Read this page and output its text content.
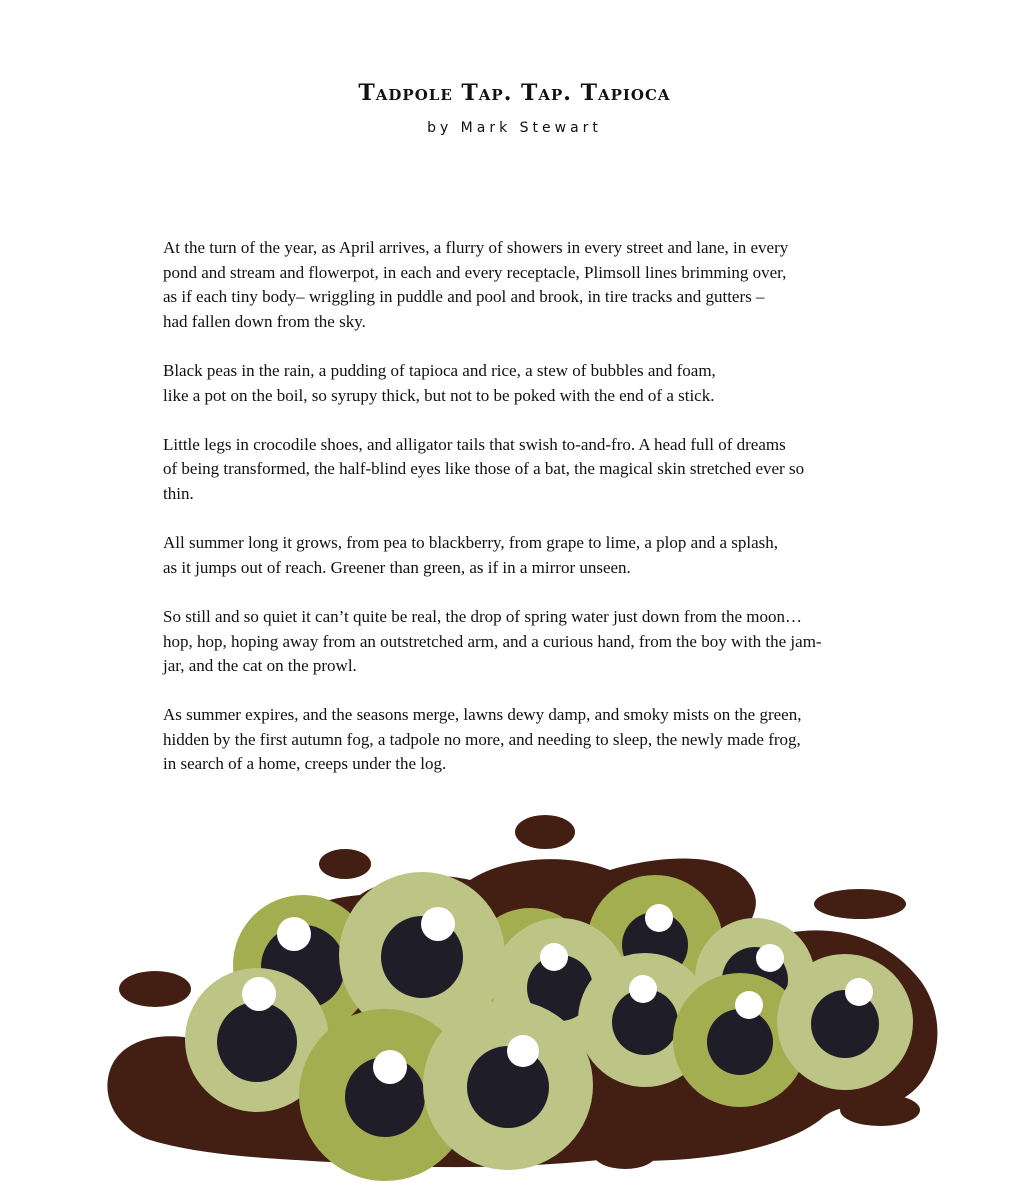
Tadpole Tap. Tap. Tapioca
by Mark Stewart

At the turn of the year, as April arrives, a flurry of showers in every street and lane, in every
pond and stream and flowerpot, in each and every receptacle, Plimsoll lines brimming over,
as if each tiny body– wriggling in puddle and pool and brook, in tire tracks and gutters –
had fallen down from the sky.

Black peas in the rain, a pudding of tapioca and rice, a stew of bubbles and foam,
like a pot on the boil, so syrupy thick, but not to be poked with the end of a stick.

Little legs in crocodile shoes, and alligator tails that swish to-and-fro. A head full of dreams
of being transformed, the half-blind eyes like those of a bat, the magical skin stretched ever so
thin.

All summer long it grows, from pea to blackberry, from grape to lime, a plop and a splash,
as it jumps out of reach. Greener than green, as if in a mirror unseen.

So still and so quiet it can’t quite be real, the drop of spring water just down from the moon…
hop, hop, hoping away from an outstretched arm, and a curious hand, from the boy with the jam-
jar, and the cat on the prowl.

As summer expires, and the seasons merge, lawns dewy damp, and smoky mists on the green,
hidden by the first autumn fog, a tadpole no more, and needing to sleep, the newly made frog,
in search of a home, creeps under the log.
